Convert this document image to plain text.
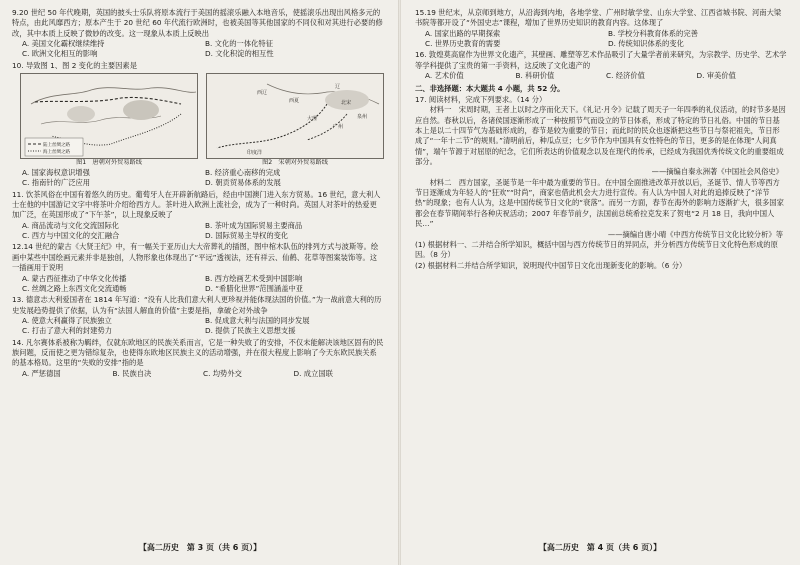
9.20 世纪 50 年代晚期，英国的披头士乐队将原本流行于美国的摇滚乐融入本地音乐，使摇滚乐出现出风格多元的特点，由此风靡西方；原本产生于 20 世纪 60 年代流行欧洲时，也被美国等其他国家的不同仪和对其进行必要的修改，其中本质上反映了微妙的改变。这一现象从本质上反映出

A. 美国文化霸权继续维持	B. 文化的一体化特征
C. 欧洲文化相互的影响	D. 文化积淀的相互性

10. 导致图 1、图 2 变化的主要因素是

陆上丝绸之路
海上丝绸之路
西辽
西夏
辽
大理
北宋
泉州
广州
印度洋
图1　唐朝对外贸易路线	图2　宋朝对外贸易路线
A. 国家海权意识增强	B. 经济重心南移的完成
C. 指南针的广泛应用	D. 朝贡贸易体系的发展

11. 饮茶风俗在中国有着悠久的历史。葡萄牙人在开辟新航路后，经由中国澳门进入东方贸易。16 世纪，意大利人士在他的中国游记文字中将茶叶介绍给西方人。茶叶进入欧洲上流社会，成为了一种时尚。英国人对茶叶的热爱更加广泛，在英国形成了“下午茶”，以上现象反映了

A. 商品流动与文化交流国际化	B. 茶叶成为国际贸易主要商品
C. 西方与中国文化的交汇融合	D. 国际贸易主导权的变化

12.14 世纪的蒙古《大贤王纪》中，有一幅关于亚历山大大帝葬礼的插图，图中棺木队伍的排列方式与波斯等。绘画中某些中国绘画元素并非是独创，人物形象也体现出了“平远”透视法，还有祥云、仙鹤、花草等图案装饰等。这一插画用于说明

A. 蒙古西征推动了中华文化传播	B. 西方绘画艺术受到中国影响
C. 丝绸之路上东西文化交流通畅	D. “希腊化世界”范围涵盖中亚

13. 德意志大利爱国者在 1814 年写道：“没有人比我们意大利人更珍视并能体现法国的价值。”为一战前意大利的历史发展趋势提供了依据，认为有“法国人解血的价值”主要是指，拿破仑对外战争

A. 使意大利赢得了民族独立	B. 促成意大利与法国的同步发展
C. 打击了意大利的封建势力	D. 提供了民族主义思想支援

14. 凡尔赛体系被称为羁绊，仅就东欧地区的民族关系而言，它是一种失败了的安排，不仅未能解决该地区固有的民族问题，反而使之更为错综复杂，也使得东欧地区民族主义的活动增强，并在很大程度上影响了今天东欧民族关系的基本格局。这里的“失败的安排”指的是

A. 严惩德国	B. 民族自决	C. 均势外交	D. 成立国联
【高二历史　第 3 页（共 6 页）】

15.19 世纪末，从京师到地方，从沿海到内地，各地学堂、广州时敏学堂、山东大学堂、江西省城书院、河南大梁书院等都开设了“外国史志”课程，增加了世界历史知识的教育内容。这体现了

A. 国家出路的早期探索	B. 学校分科教育体系的完善
C. 世界历史教育的需要	D. 传统知识体系的变化

16. 敦煌莫高窟作为世界文化遗产，其壁画、雕塑等艺术作品吸引了大量学者前来研究，为宗教学、历史学、艺术学等学科提供了宝贵的第一手资料，这反映了文化遗产的

A. 艺术价值	B. 科研价值	C. 经济价值	D. 审美价值

二、非选择题：本大题共 4 小题，共 52 分。

17. 阅读材料，完成下列要求。（14 分）

材料一　宋周时期，王者上以时之序而化天下。《礼记·月令》记载了周天子一年四季的礼仪活动，的时节多是因应自然。春秋以后，各诸侯国逐渐形成了一种按照节气而设立的节日体系，形成了特定的节日礼俗。中国的节日基本上是以二十四节气为基础形成的，春节是较为重要的节日；而此时的民众也逐渐把这些节日与祭祀祖先，节日形成了“一年十二节”的规则。”清明前后，种瓜点豆；七夕节作为中国具有女性特色的节日，更多的是在体现“人间真情”，端午节源于对屈原的纪念，它们所表达的价值观念以及在现代的传承，已经成为我国优秀传统文化的重要组成部分。

——摘编自秦永洲著《中国社会风俗史》

材料二　西方国家，圣诞节是一年中最为重要的节日。在中国全面推进改革开放以后，圣诞节、情人节等西方节日逐渐成为年轻人的“狂欢”“时尚”，商家也借此机会大力进行宣传。有人认为中国人对此的追捧反映了“洋节热”的现象；也有人认为，这是中国传统节日文化的“衰落”。而另一方面，春节在海外的影响力逐渐扩大，很多国家都会在春节期间举行各种庆祝活动；2007 年春节前夕，法国前总统希拉克发来了贺电“2 月 18 日，我向中国人民…”

——摘编自唐小晴《中西方传统节日文化比较分析》等

(1) 根据材料一、二并结合所学知识，概括中国与西方传统节日的异同点，并分析西方传统节日文化特色形成的原因。（8 分）

(2) 根据材料二并结合所学知识，说明现代中国节日文化出现新变化的影响。（6 分）

【高二历史　第 4 页（共 6 页）】
